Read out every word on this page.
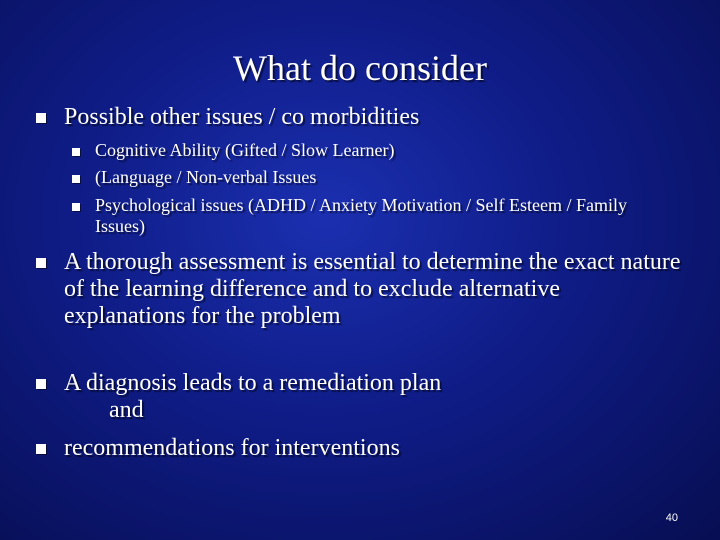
What do consider
Possible other issues / co morbidities
Cognitive Ability (Gifted / Slow Learner)
(Language / Non-verbal Issues
Psychological issues (ADHD / Anxiety Motivation / Self Esteem / Family Issues)
A thorough assessment is essential to determine the exact nature of the learning difference and to exclude alternative explanations for the problem
A diagnosis leads to a remediation plan
and
recommendations for interventions
40
